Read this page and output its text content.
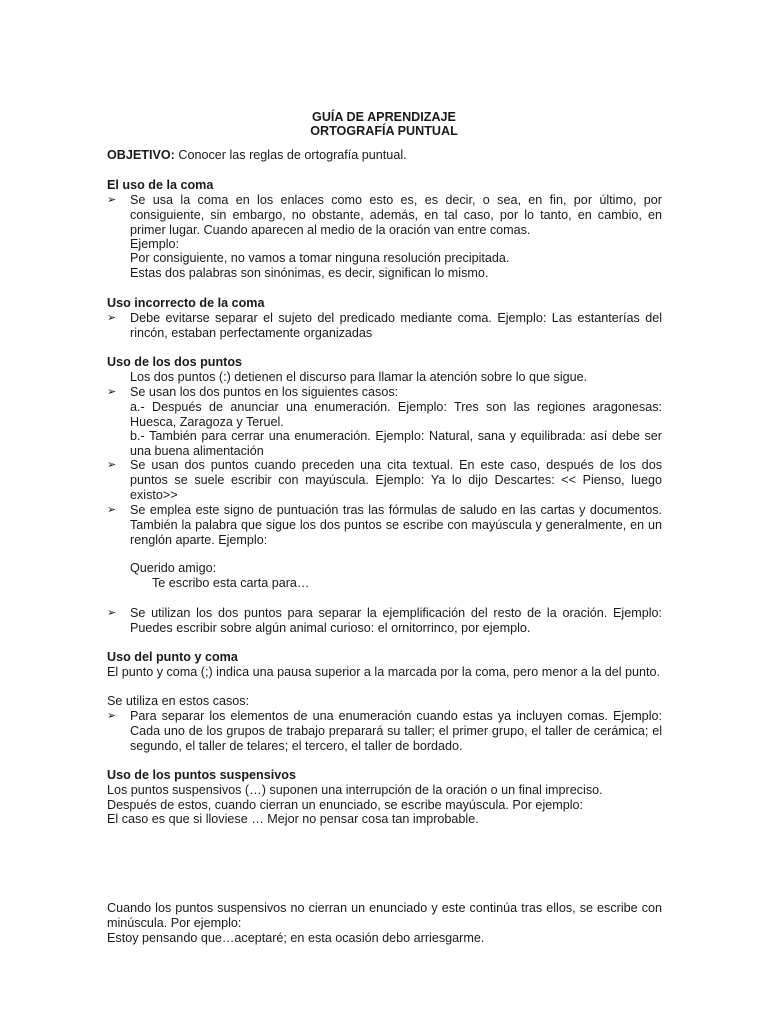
GUÍA DE APRENDIZAJE
ORTOGRAFÍA PUNTUAL
OBJETIVO: Conocer las reglas de ortografía puntual.
El uso de la coma
➢ Se usa la coma en los enlaces como esto es, es decir, o sea, en fin, por último, por consiguiente, sin embargo, no obstante, además, en tal caso, por lo tanto, en cambio, en primer lugar. Cuando aparecen al medio de la oración van entre comas.
Ejemplo:
Por consiguiente, no vamos a tomar ninguna resolución precipitada.
Estas dos palabras son sinónimas, es decir, significan lo mismo.
Uso incorrecto de la coma
➢ Debe evitarse separar el sujeto del predicado mediante coma. Ejemplo: Las estanterías del rincón, estaban perfectamente organizadas
Uso de los dos puntos
Los dos puntos (:) detienen el discurso para llamar la atención sobre lo que sigue.
➢ Se usan los dos puntos en los siguientes casos:
a.- Después de anunciar una enumeración. Ejemplo: Tres son las regiones aragonesas: Huesca, Zaragoza y Teruel.
b.- También para cerrar una enumeración. Ejemplo: Natural, sana y equilibrada: así debe ser una buena alimentación
➢ Se usan dos puntos cuando preceden una cita textual. En este caso, después de los dos puntos se suele escribir con mayúscula. Ejemplo: Ya lo dijo Descartes: << Pienso, luego existo>>
➢ Se emplea este signo de puntuación tras las fórmulas de saludo en las cartas y documentos. También la palabra que sigue los dos puntos se escribe con mayúscula y generalmente, en un renglón aparte. Ejemplo:
Querido amigo:
Te escribo esta carta para…
➢ Se utilizan los dos puntos para separar la ejemplificación del resto de la oración. Ejemplo: Puedes escribir sobre algún animal curioso: el ornitorrinco, por ejemplo.
Uso del punto y coma
El punto y coma (;) indica una pausa superior a la marcada por la coma, pero menor a la del punto.
Se utiliza en estos casos:
➢ Para separar los elementos de una enumeración cuando estas ya incluyen comas. Ejemplo: Cada uno de los grupos de trabajo preparará su taller; el primer grupo, el taller de cerámica; el segundo, el taller de telares; el tercero, el taller de bordado.
Uso de los puntos suspensivos
Los puntos suspensivos (…) suponen una interrupción de la oración o un final impreciso.
Después de estos, cuando cierran un enunciado, se escribe mayúscula. Por ejemplo:
El caso es que si lloviese … Mejor no pensar cosa tan improbable.
Cuando los puntos suspensivos no cierran un enunciado y este continúa tras ellos, se escribe con minúscula. Por ejemplo:
Estoy pensando que…aceptaré; en esta ocasión debo arriesgarme.
